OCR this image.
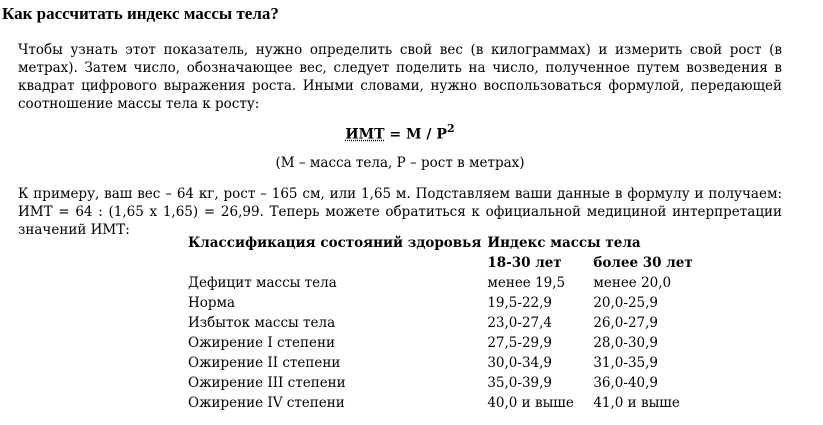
Как рассчитать индекс массы тела?

Чтобы узнать этот показатель, нужно определить свой вес (в килограммах) и измерить свой рост (в метрах). Затем число, обозначающее вес, следует поделить на число, полученное путем возведения в квадрат цифрового выражения роста. Иными словами, нужно воспользоваться формулой, передающей соотношение массы тела к росту:

ИМТ = M / $P^2$
(М – масса тела, Р – рост в метрах)

К примеру, ваш вес – 64 кг, рост – 165 см, или 1,65 м. Подставляем ваши данные в формулу и получаем: ИМТ = 64 : (1,65 х 1,65) = 26,99. Теперь можете обратиться к официальной медициной интерпретации значений ИМТ:

Классификация состояний здоровья	Индекс массы тела	
	18-30 лет	более 30 лет
Дефицит массы тела	менее 19,5	менее 20,0
Норма	19,5-22,9	20,0-25,9
Избыток массы тела	23,0-27,4	26,0-27,9
Ожирение I степени	27,5-29,9	28,0-30,9
Ожирение II степени	30,0-34,9	31,0-35,9
Ожирение III степени	35,0-39,9	36,0-40,9
Ожирение IV степени	40,0 и выше	41,0 и выше
